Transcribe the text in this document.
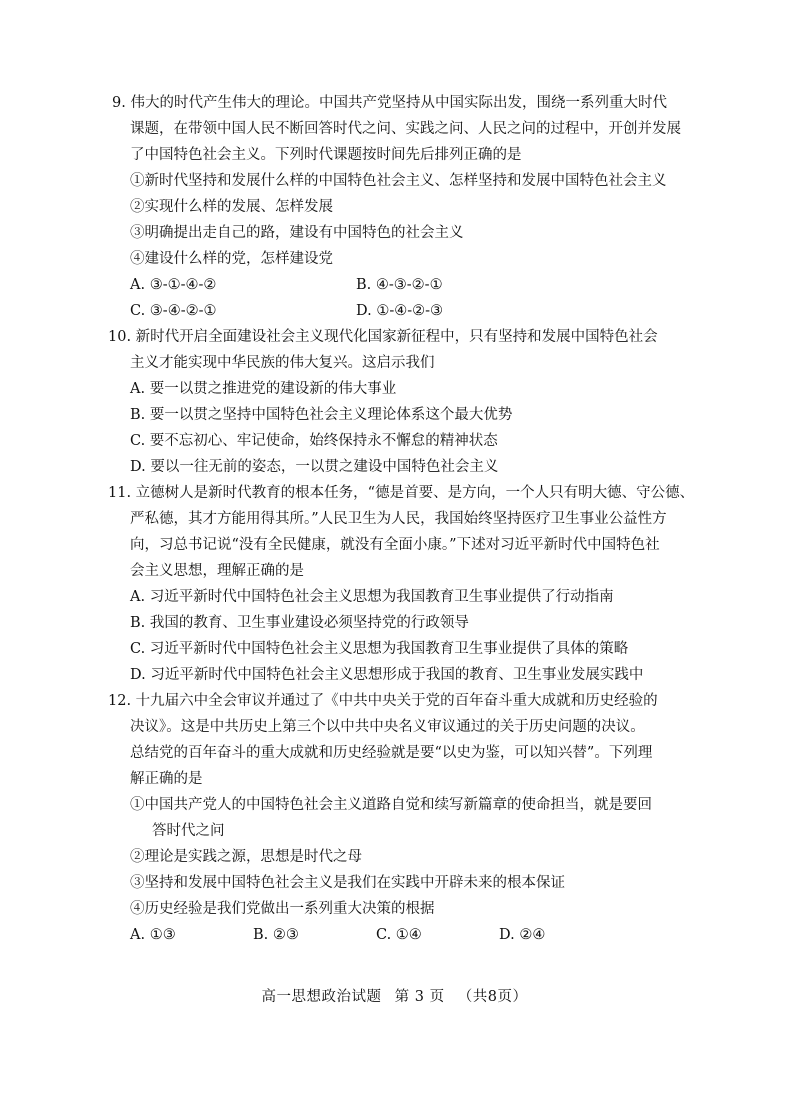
9. 伟大的时代产生伟大的理论。中国共产党坚持从中国实际出发，围绕一系列重大时代
课题，在带领中国人民不断回答时代之问、实践之问、人民之问的过程中，开创并发展
了中国特色社会主义。下列时代课题按时间先后排列正确的是
①新时代坚持和发展什么样的中国特色社会主义、怎样坚持和发展中国特色社会主义
②实现什么样的发展、怎样发展
③明确提出走自己的路，建设有中国特色的社会主义
④建设什么样的党，怎样建设党
A. ③-①-④-②	B. ④-③-②-①
C. ③-④-②-①	D. ①-④-②-③
10. 新时代开启全面建设社会主义现代化国家新征程中，只有坚持和发展中国特色社会
主义才能实现中华民族的伟大复兴。这启示我们
A. 要一以贯之推进党的建设新的伟大事业
B. 要一以贯之坚持中国特色社会主义理论体系这个最大优势
C. 要不忘初心、牢记使命，始终保持永不懈怠的精神状态
D. 要以一往无前的姿态，一以贯之建设中国特色社会主义
11. 立德树人是新时代教育的根本任务，“德是首要、是方向，一个人只有明大德、守公德、
严私德，其才方能用得其所。”人民卫生为人民，我国始终坚持医疗卫生事业公益性方
向，习总书记说“没有全民健康，就没有全面小康。”下述对习近平新时代中国特色社
会主义思想，理解正确的是
A. 习近平新时代中国特色社会主义思想为我国教育卫生事业提供了行动指南
B. 我国的教育、卫生事业建设必须坚持党的行政领导
C. 习近平新时代中国特色社会主义思想为我国教育卫生事业提供了具体的策略
D. 习近平新时代中国特色社会主义思想形成于我国的教育、卫生事业发展实践中
12. 十九届六中全会审议并通过了《中共中央关于党的百年奋斗重大成就和历史经验的
决议》。这是中共历史上第三个以中共中央名义审议通过的关于历史问题的决议。
总结党的百年奋斗的重大成就和历史经验就是要“以史为鉴，可以知兴替”。下列理
解正确的是
①中国共产党人的中国特色社会主义道路自觉和续写新篇章的使命担当，就是要回
答时代之问
②理论是实践之源，思想是时代之母
③坚持和发展中国特色社会主义是我们在实践中开辟未来的根本保证
④历史经验是我们党做出一系列重大决策的根据
A. ①③	B. ②③	C. ①④	D. ②④
高一思想政治试题 第 3 页 （共8页）
